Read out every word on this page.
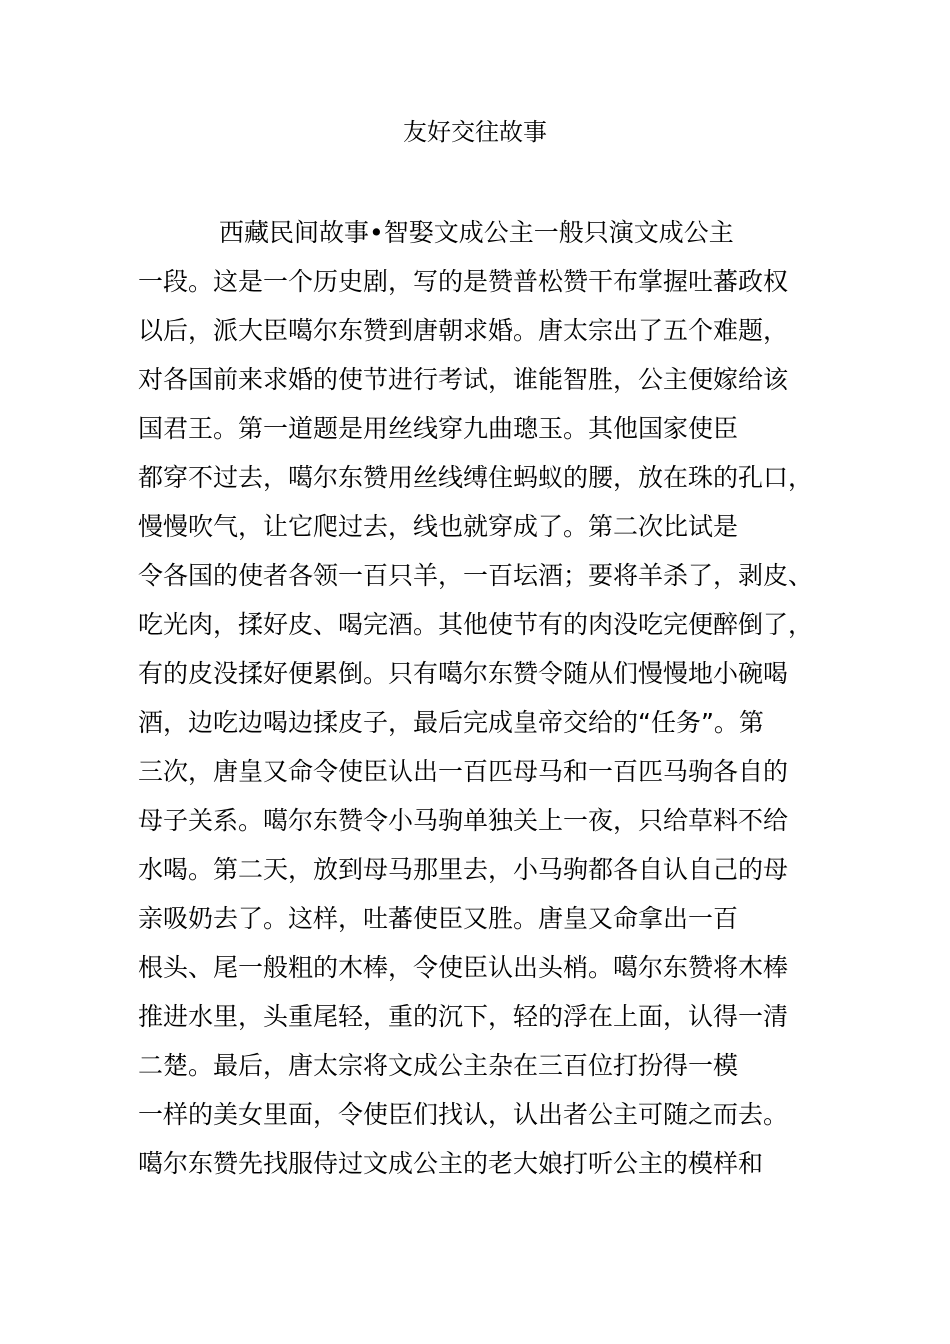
友好交往故事
西藏民间故事•智娶文成公主一般只演文成公主
一段。这是一个历史剧，写的是赞普松赞干布掌握吐蕃政权
以后，派大臣噶尔东赞到唐朝求婚。唐太宗出了五个难题，
对各国前来求婚的使节进行考试，谁能智胜，公主便嫁给该
国君王。第一道题是用丝线穿九曲璁玉。其他国家使臣
都穿不过去，噶尔东赞用丝线缚住蚂蚁的腰，放在珠的孔口，
慢慢吹气，让它爬过去，线也就穿成了。第二次比试是
令各国的使者各领一百只羊，一百坛酒；要将羊杀了，剥皮、
吃光肉，揉好皮、喝完酒。其他使节有的肉没吃完便醉倒了，
有的皮没揉好便累倒。只有噶尔东赞令随从们慢慢地小碗喝
酒，边吃边喝边揉皮子，最后完成皇帝交给的“任务”。第
三次，唐皇又命令使臣认出一百匹母马和一百匹马驹各自的
母子关系。噶尔东赞令小马驹单独关上一夜，只给草料不给
水喝。第二天，放到母马那里去，小马驹都各自认自己的母
亲吸奶去了。这样，吐蕃使臣又胜。唐皇又命拿出一百
根头、尾一般粗的木棒，令使臣认出头梢。噶尔东赞将木棒
推进水里，头重尾轻，重的沉下，轻的浮在上面，认得一清
二楚。最后，唐太宗将文成公主杂在三百位打扮得一模
一样的美女里面，令使臣们找认，认出者公主可随之而去。
噶尔东赞先找服侍过文成公主的老大娘打听公主的模样和
